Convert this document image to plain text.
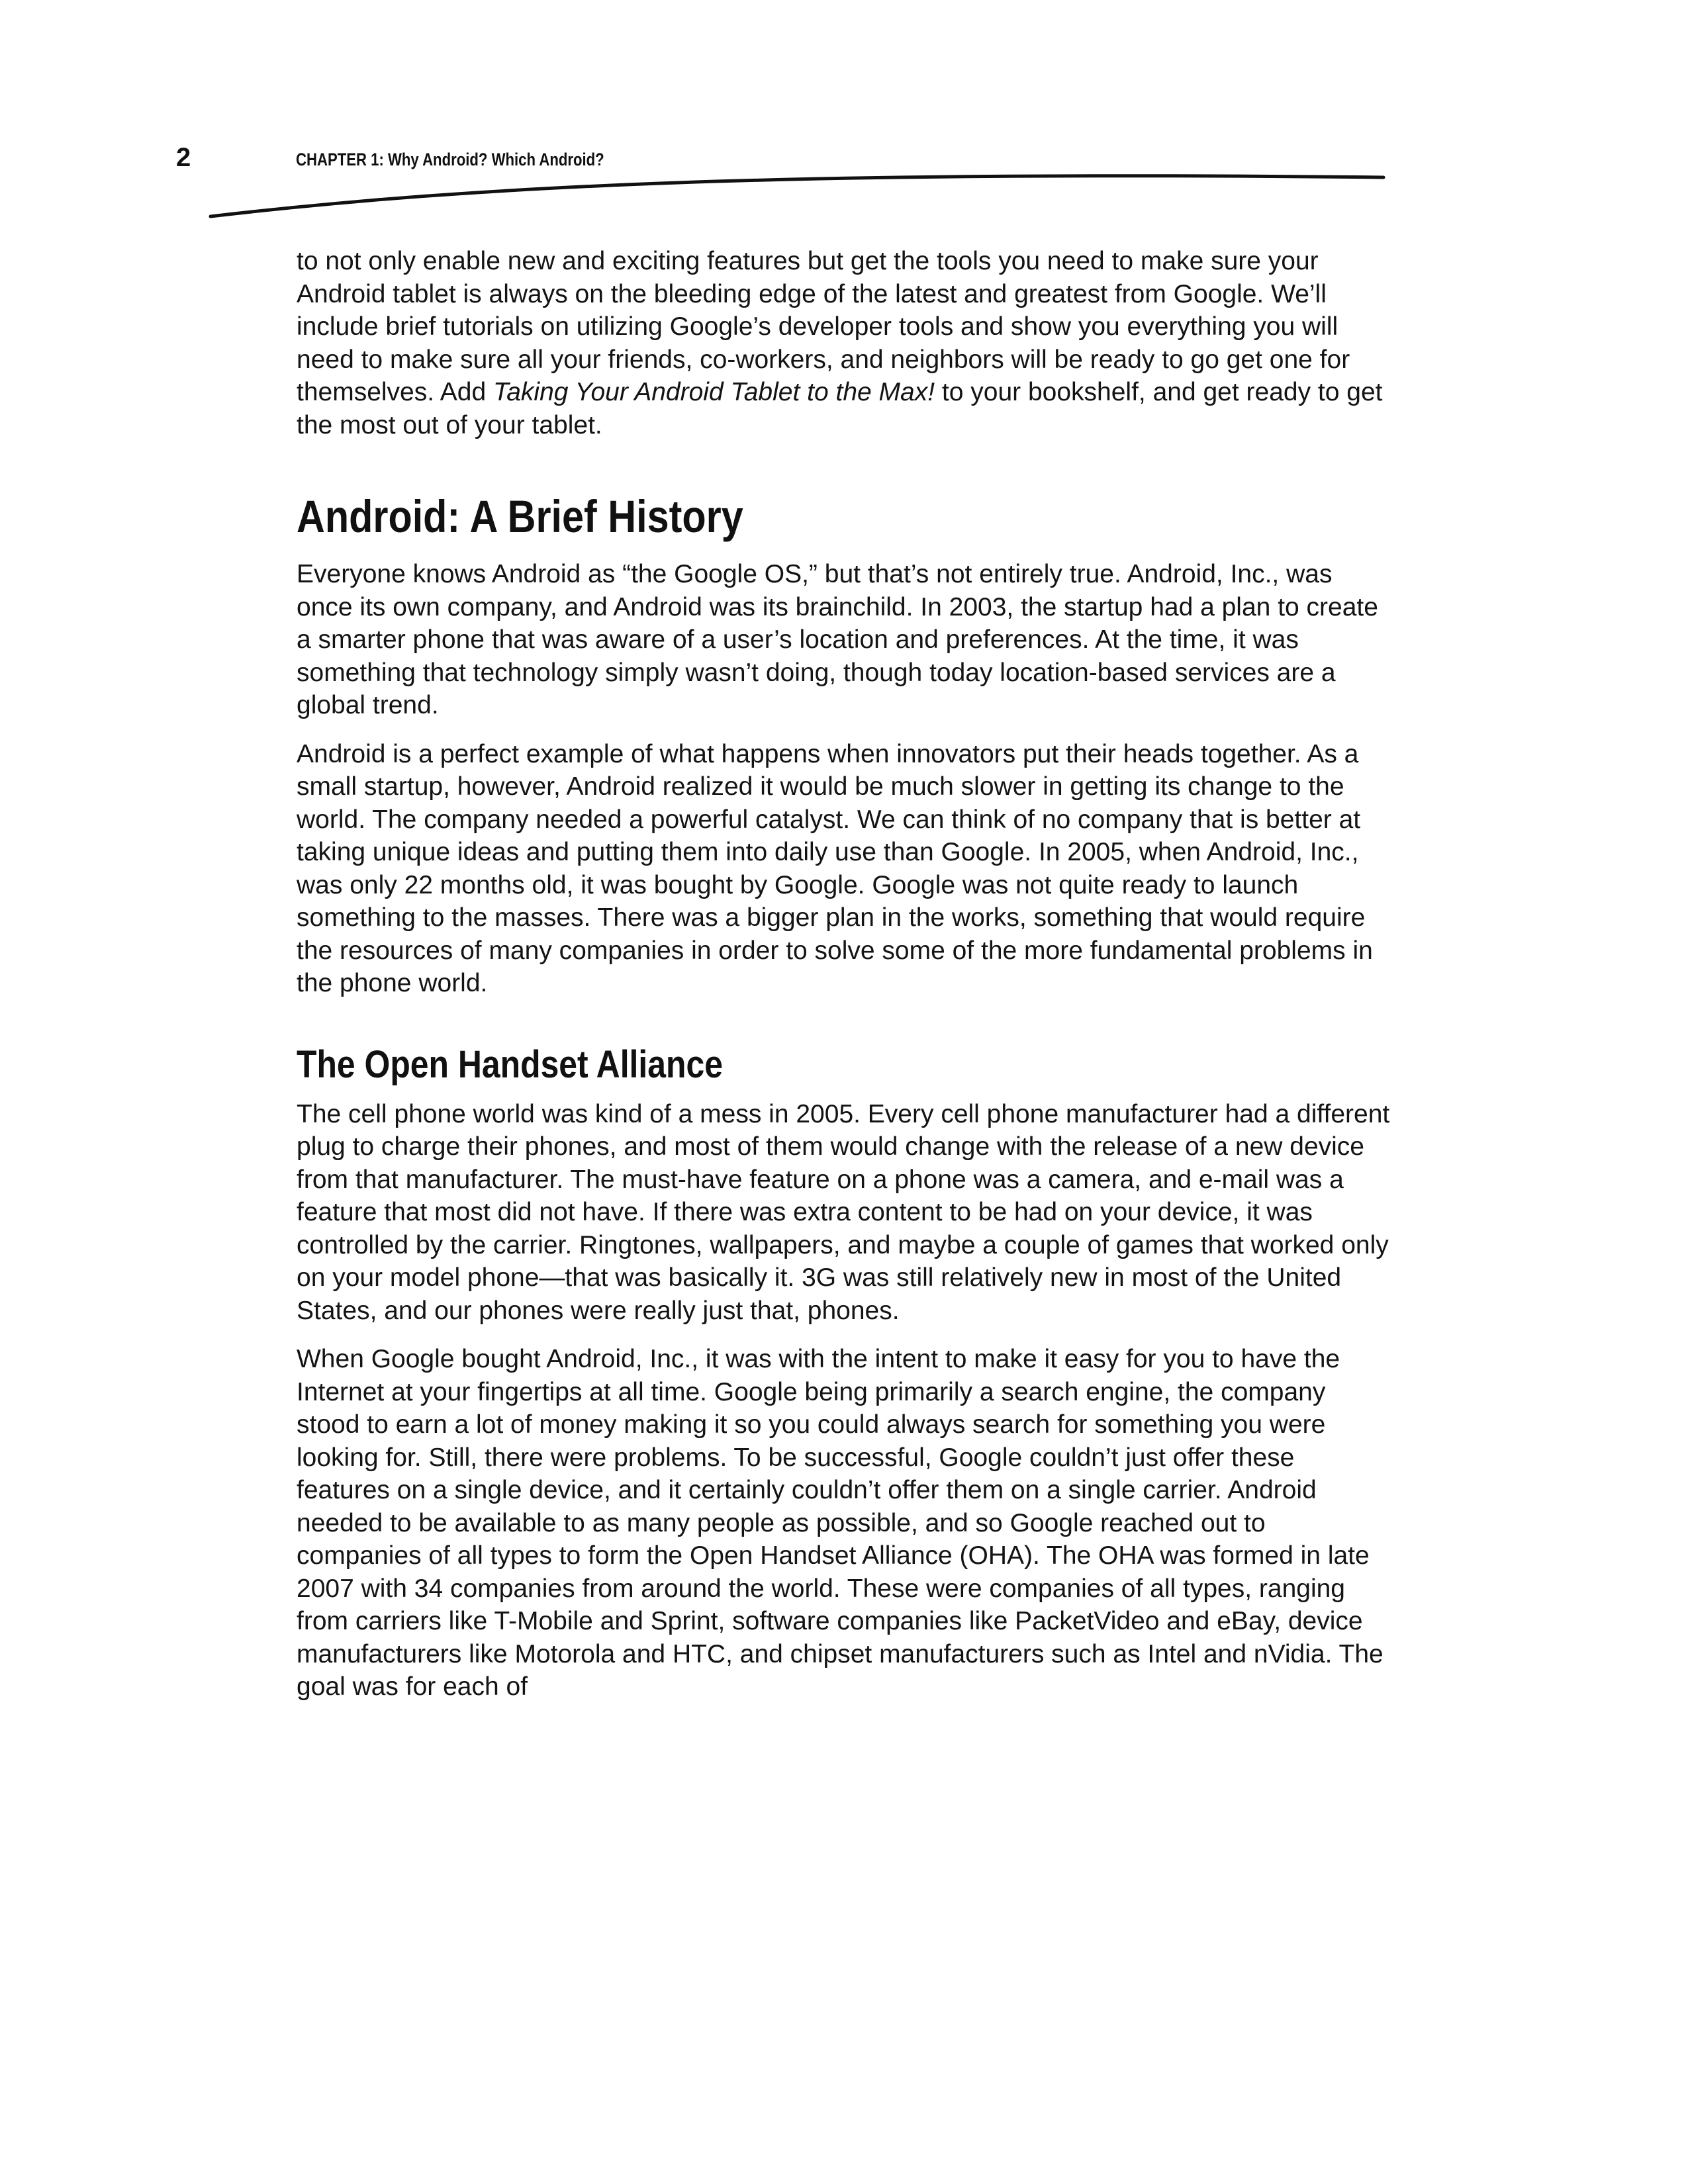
2	CHAPTER 1: Why Android? Which Android?

to not only enable new and exciting features but get the tools you need to make sure your Android tablet is always on the bleeding edge of the latest and greatest from Google. We’ll include brief tutorials on utilizing Google’s developer tools and show you everything you will need to make sure all your friends, co-workers, and neighbors will be ready to go get one for themselves. Add Taking Your Android Tablet to the Max! to your bookshelf, and get ready to get the most out of your tablet.

Android: A Brief History

Everyone knows Android as “the Google OS,” but that’s not entirely true. Android, Inc., was once its own company, and Android was its brainchild. In 2003, the startup had a plan to create a smarter phone that was aware of a user’s location and preferences. At the time, it was something that technology simply wasn’t doing, though today location-based services are a global trend.

Android is a perfect example of what happens when innovators put their heads together. As a small startup, however, Android realized it would be much slower in getting its change to the world. The company needed a powerful catalyst. We can think of no company that is better at taking unique ideas and putting them into daily use than Google. In 2005, when Android, Inc., was only 22 months old, it was bought by Google. Google was not quite ready to launch something to the masses. There was a bigger plan in the works, something that would require the resources of many companies in order to solve some of the more fundamental problems in the phone world.

The Open Handset Alliance

The cell phone world was kind of a mess in 2005. Every cell phone manufacturer had a different plug to charge their phones, and most of them would change with the release of a new device from that manufacturer. The must-have feature on a phone was a camera, and e-mail was a feature that most did not have. If there was extra content to be had on your device, it was controlled by the carrier. Ringtones, wallpapers, and maybe a couple of games that worked only on your model phone—that was basically it. 3G was still relatively new in most of the United States, and our phones were really just that, phones.

When Google bought Android, Inc., it was with the intent to make it easy for you to have the Internet at your fingertips at all time. Google being primarily a search engine, the company stood to earn a lot of money making it so you could always search for something you were looking for. Still, there were problems. To be successful, Google couldn’t just offer these features on a single device, and it certainly couldn’t offer them on a single carrier. Android needed to be available to as many people as possible, and so Google reached out to companies of all types to form the Open Handset Alliance (OHA). The OHA was formed in late 2007 with 34 companies from around the world. These were companies of all types, ranging from carriers like T-Mobile and Sprint, software companies like PacketVideo and eBay, device manufacturers like Motorola and HTC, and chipset manufacturers such as Intel and nVidia. The goal was for each of
